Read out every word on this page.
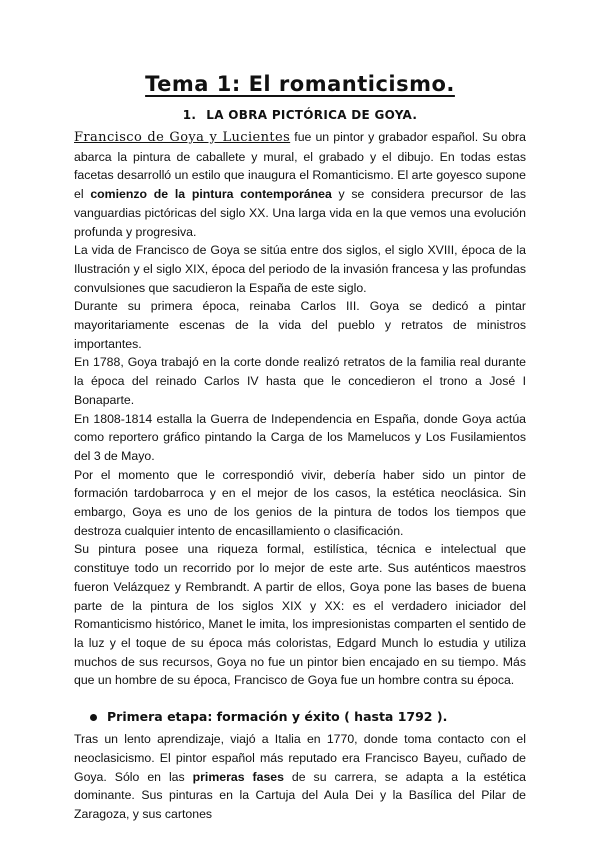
Tema 1: El romanticismo.
1. LA OBRA PICTÓRICA DE GOYA.

Francisco de Goya y Lucientes fue un pintor y grabador español. Su obra abarca la pintura de caballete y mural, el grabado y el dibujo. En todas estas facetas desarrolló un estilo que inaugura el Romanticismo. El arte goyesco supone el comienzo de la pintura contemporánea y se considera precursor de las vanguardias pictóricas del siglo XX. Una larga vida en la que vemos una evolución profunda y progresiva.

La vida de Francisco de Goya se sitúa entre dos siglos, el siglo XVIII, época de la Ilustración y el siglo XIX, época del periodo de la invasión francesa y las profundas convulsiones que sacudieron la España de este siglo.

Durante su primera época, reinaba Carlos III. Goya se dedicó a pintar mayoritariamente escenas de la vida del pueblo y retratos de ministros importantes.

En 1788, Goya trabajó en la corte donde realizó retratos de la familia real durante la época del reinado Carlos IV hasta que le concedieron el trono a José I Bonaparte.

En 1808-1814 estalla la Guerra de Independencia en España, donde Goya actúa como reportero gráfico pintando la Carga de los Mamelucos y Los Fusilamientos del 3 de Mayo.

Por el momento que le correspondió vivir, debería haber sido un pintor de formación tardobarroca y en el mejor de los casos, la estética neoclásica. Sin embargo, Goya es uno de los genios de la pintura de todos los tiempos que destroza cualquier intento de encasillamiento o clasificación.

Su pintura posee una riqueza formal, estilística, técnica e intelectual que constituye todo un recorrido por lo mejor de este arte. Sus auténticos maestros fueron Velázquez y Rembrandt. A partir de ellos, Goya pone las bases de buena parte de la pintura de los siglos XIX y XX: es el verdadero iniciador del Romanticismo histórico, Manet le imita, los impresionistas comparten el sentido de la luz y el toque de su época más coloristas, Edgard Munch lo estudia y utiliza muchos de sus recursos, Goya no fue un pintor bien encajado en su tiempo. Más que un hombre de su época, Francisco de Goya fue un hombre contra su época.

Primera etapa: formación y éxito ( hasta 1792 ).

Tras un lento aprendizaje, viajó a Italia en 1770, donde toma contacto con el neoclasicismo. El pintor español más reputado era Francisco Bayeu, cuñado de Goya. Sólo en las primeras fases de su carrera, se adapta a la estética dominante. Sus pinturas en la Cartuja del Aula Dei y la Basílica del Pilar de Zaragoza, y sus cartones
